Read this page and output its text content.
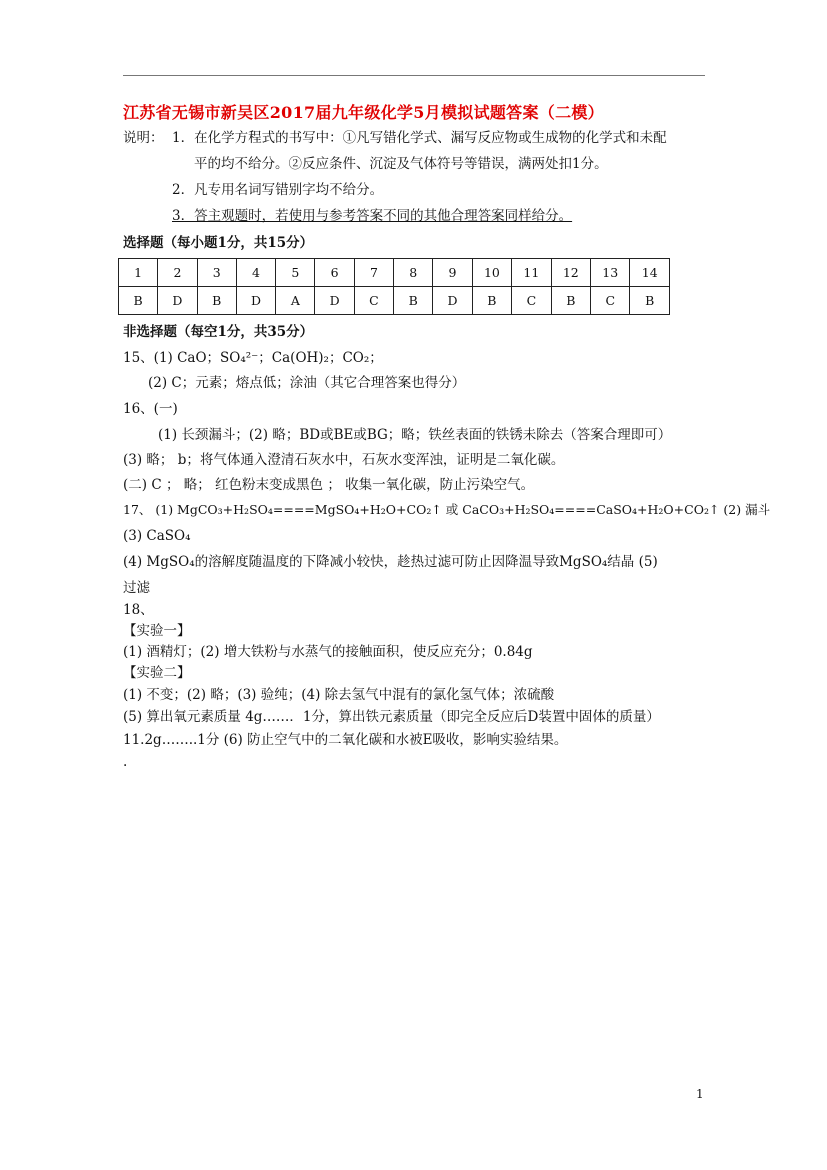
江苏省无锡市新吴区2017届九年级化学5月模拟试题答案（二模）
说明： 1．在化学方程式的书写中：①凡写错化学式、漏写反应物或生成物的化学式和未配
平的均不给分。②反应条件、沉淀及气体符号等错误，满两处扣1分。
2．凡专用名词写错别字均不给分。
3．答主观题时，若使用与参考答案不同的其他合理答案同样给分。
选择题（每小题1分，共15分）
1	2	3	4	5	6	7	8	9	10	11	12	13	14
B	D	B	D	A	D	C	B	D	B	C	B	C	B
非选择题（每空1分，共35分）
15、(1) CaO；SO₄²⁻；Ca(OH)₂；CO₂；
(2) C；元素；熔点低；涂油（其它合理答案也得分）
16、(一)
(1) 长颈漏斗；(2) 略；BD或BE或BG；略；铁丝表面的铁锈未除去（答案合理即可）
(3) 略； b；将气体通入澄清石灰水中，石灰水变浑浊，证明是二氧化碳。
(二) C ； 略； 红色粉末变成黑色 ； 收集一氧化碳，防止污染空气。
17、 (1) MgCO₃+H₂SO₄====MgSO₄+H₂O+CO₂↑ 或 CaCO₃+H₂SO₄====CaSO₄+H₂O+CO₂↑ (2) 漏斗
(3) CaSO₄
(4) MgSO₄的溶解度随温度的下降减小较快，趁热过滤可防止因降温导致MgSO₄结晶 (5)
过滤
18、
【实验一】
(1) 酒精灯；(2) 增大铁粉与水蒸气的接触面积，使反应充分；0.84g
【实验二】
(1) 不变；(2) 略；(3) 验纯；(4) 除去氢气中混有的氯化氢气体；浓硫酸
(5) 算出氧元素质量 4g……．1分，算出铁元素质量（即完全反应后D装置中固体的质量）
11.2g……..1分 (6) 防止空气中的二氧化碳和水被E吸收，影响实验结果。
.
1
